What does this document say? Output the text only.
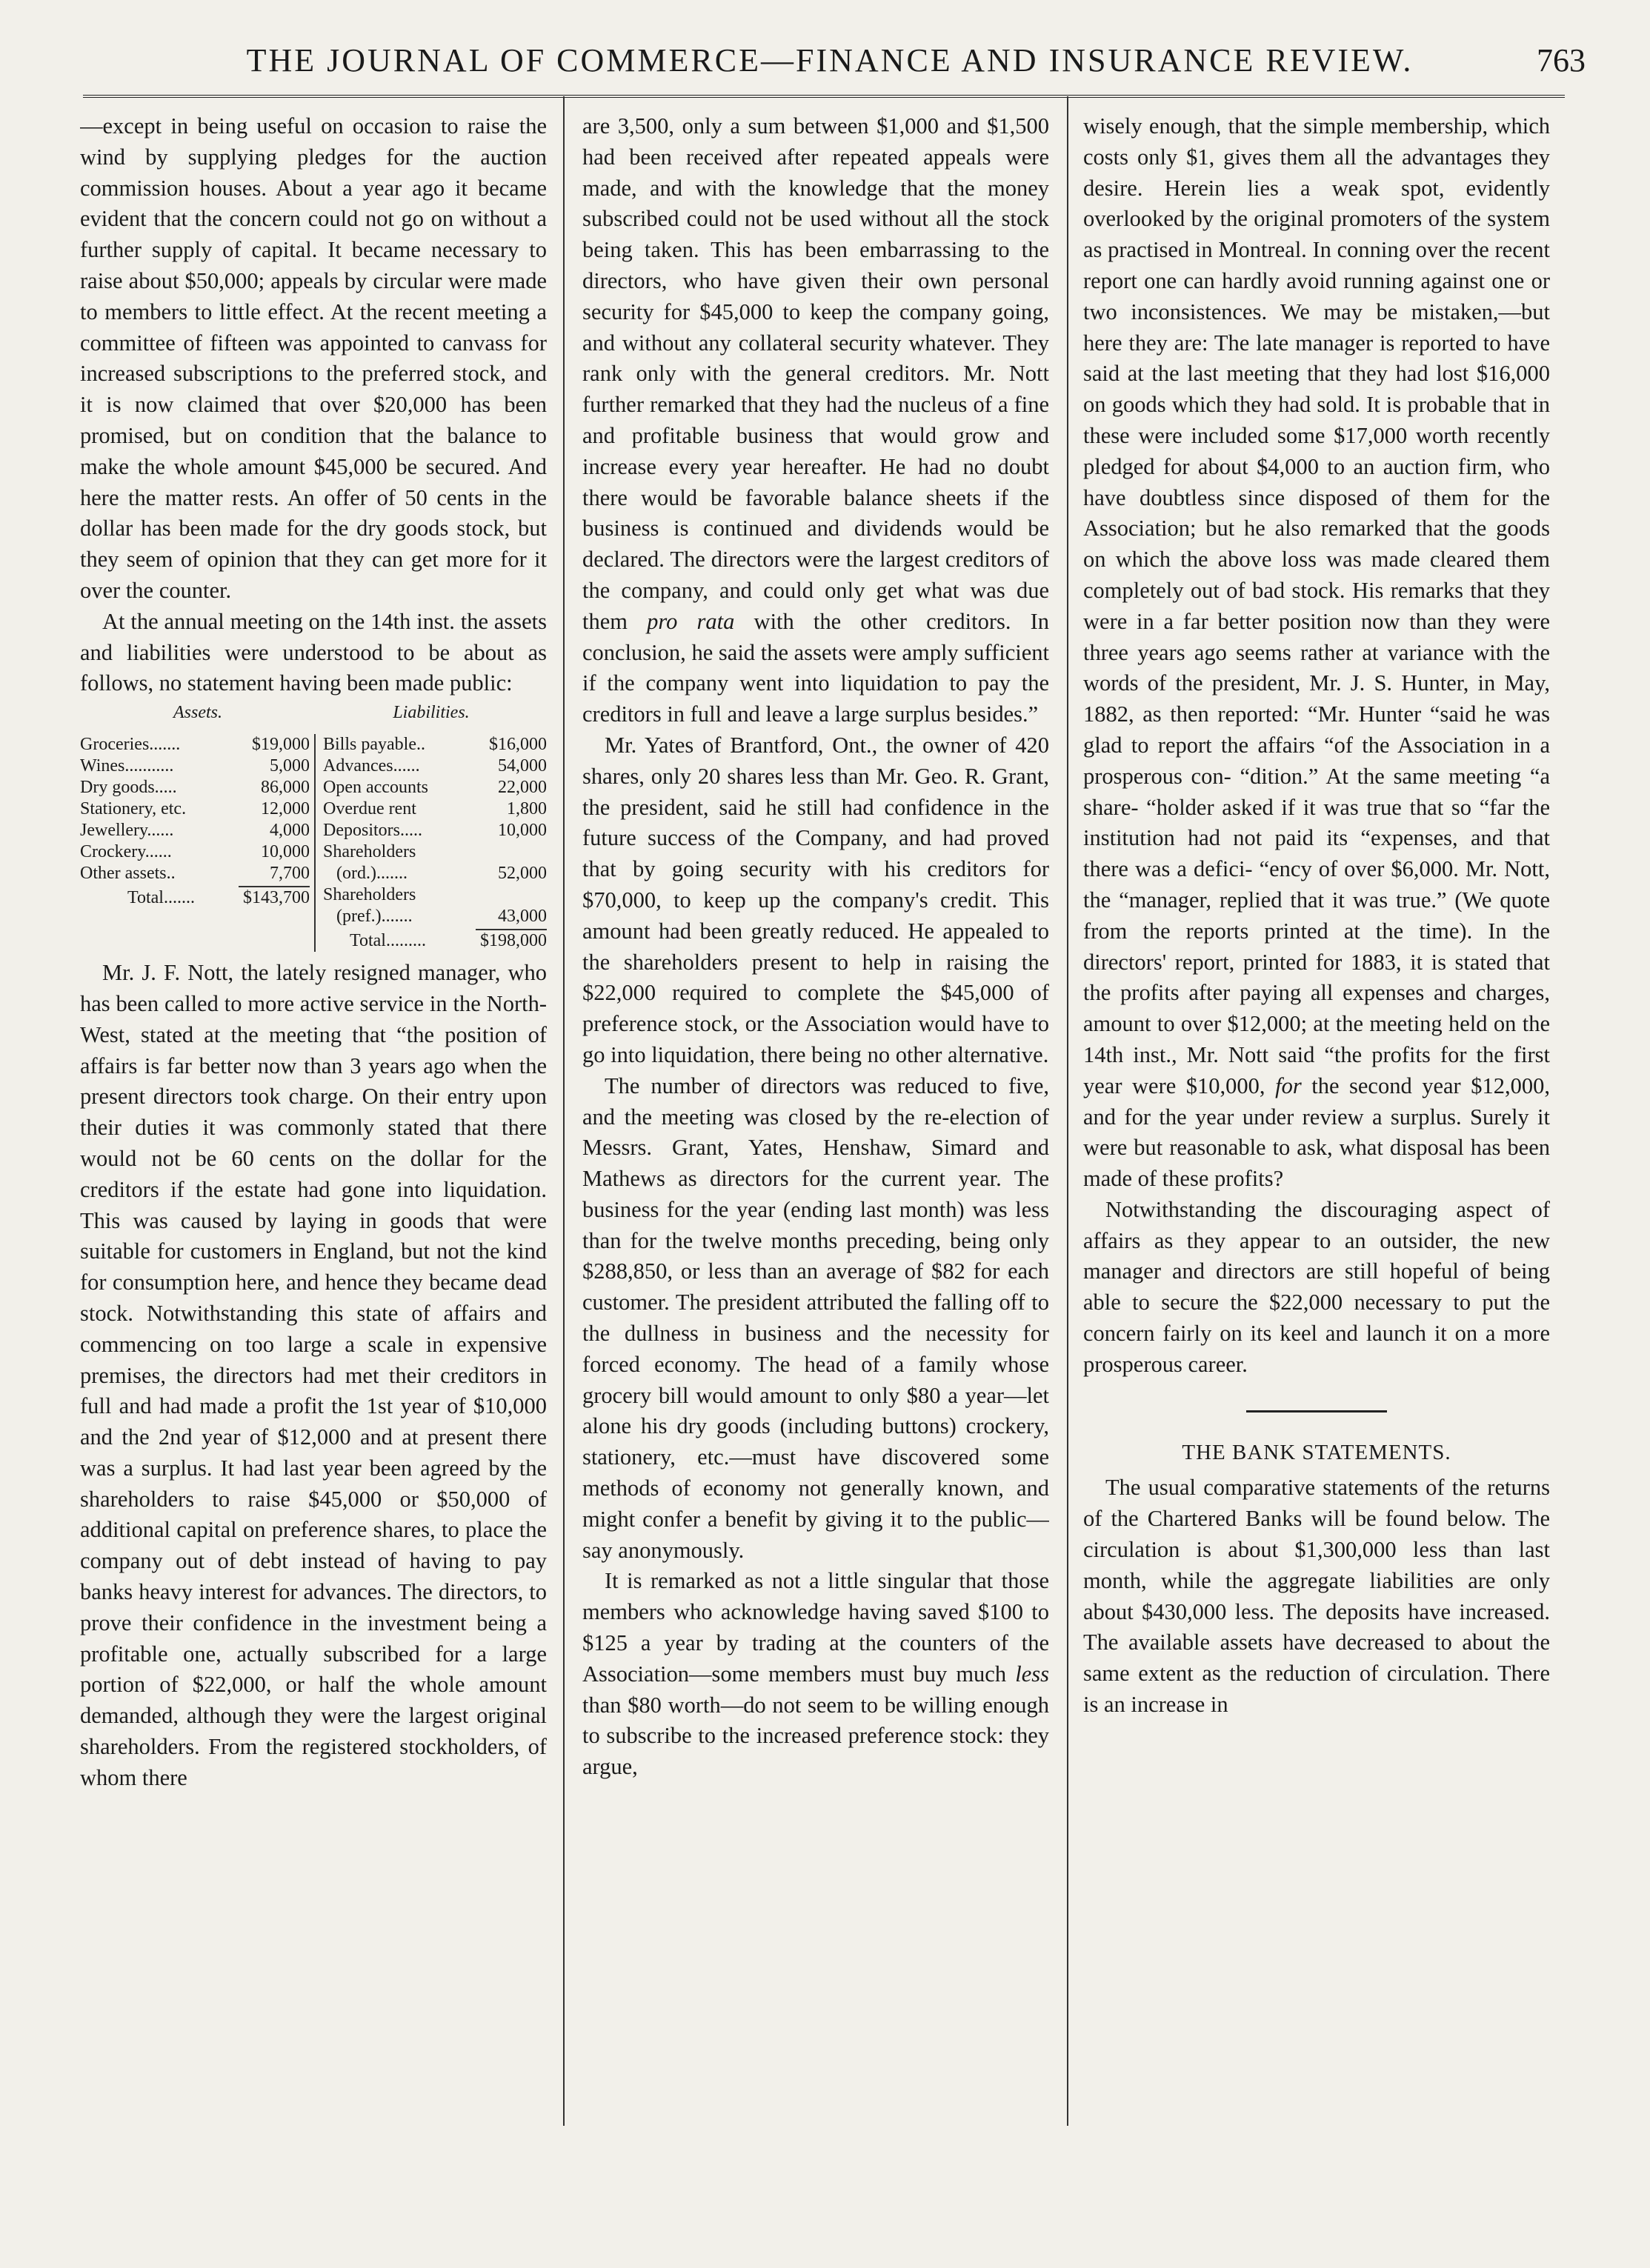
THE JOURNAL OF COMMERCE—FINANCE AND INSURANCE REVIEW.	763

—except in being useful on occasion to raise the wind by supplying pledges for the auction commission houses. About a year ago it became evident that the concern could not go on without a further supply of capital. It became necessary to raise about $50,000; appeals by circular were made to members to little effect. At the recent meeting a committee of fifteen was appointed to canvass for increased subscriptions to the preferred stock, and it is now claimed that over $20,000 has been promised, but on condition that the balance to make the whole amount $45,000 be secured. And here the matter rests. An offer of 50 cents in the dollar has been made for the dry goods stock, but they seem of opinion that they can get more for it over the counter.

At the annual meeting on the 14th inst. the assets and liabilities were understood to be about as follows, no statement having been made public:

Assets.	Liabilities.
Groceries.......	$19,000
Wines...........	5,000
Dry goods.....	86,000
Stationery, etc.	12,000
Jewellery......	4,000
Crockery......	10,000
Other assets..	7,700
Total.......	$143,700
Bills payable..	$16,000
Advances......	54,000
Open accounts	22,000
Overdue rent	1,800
Depositors.....	10,000
Shareholders
(ord.).......	52,000
Shareholders
(pref.).......	43,000
Total.........	$198,000

Mr. J. F. Nott, the lately resigned manager, who has been called to more active service in the North-West, stated at the meeting that “the position of affairs is far better now than 3 years ago when the present directors took charge. On their entry upon their duties it was commonly stated that there would not be 60 cents on the dollar for the creditors if the estate had gone into liquidation. This was caused by laying in goods that were suitable for customers in England, but not the kind for consumption here, and hence they became dead stock. Notwithstanding this state of affairs and commencing on too large a scale in expensive premises, the directors had met their creditors in full and had made a profit the 1st year of $10,000 and the 2nd year of $12,000 and at present there was a surplus. It had last year been agreed by the shareholders to raise $45,000 or $50,000 of additional capital on preference shares, to place the company out of debt instead of having to pay banks heavy interest for advances. The directors, to prove their confidence in the investment being a profitable one, actually subscribed for a large portion of $22,000, or half the whole amount demanded, although they were the largest original shareholders. From the registered stockholders, of whom there

are 3,500, only a sum between $1,000 and $1,500 had been received after repeated appeals were made, and with the knowledge that the money subscribed could not be used without all the stock being taken. This has been embarrassing to the directors, who have given their own personal security for $45,000 to keep the company going, and without any collateral security whatever. They rank only with the general creditors. Mr. Nott further remarked that they had the nucleus of a fine and profitable business that would grow and increase every year hereafter. He had no doubt there would be favorable balance sheets if the business is continued and dividends would be declared. The directors were the largest creditors of the company, and could only get what was due them pro rata with the other creditors. In conclusion, he said the assets were amply sufficient if the company went into liquidation to pay the creditors in full and leave a large surplus besides.”

Mr. Yates of Brantford, Ont., the owner of 420 shares, only 20 shares less than Mr. Geo. R. Grant, the president, said he still had confidence in the future success of the Company, and had proved that by going security with his creditors for $70,000, to keep up the company's credit. This amount had been greatly reduced. He appealed to the shareholders present to help in raising the $22,000 required to complete the $45,000 of preference stock, or the Association would have to go into liquidation, there being no other alternative.

The number of directors was reduced to five, and the meeting was closed by the re-election of Messrs. Grant, Yates, Henshaw, Simard and Mathews as directors for the current year. The business for the year (ending last month) was less than for the twelve months preceding, being only $288,850, or less than an average of $82 for each customer. The president attributed the falling off to the dullness in business and the necessity for forced economy. The head of a family whose grocery bill would amount to only $80 a year—let alone his dry goods (including buttons) crockery, stationery, etc.—must have discovered some methods of economy not generally known, and might confer a benefit by giving it to the public—say anonymously.

It is remarked as not a little singular that those members who acknowledge having saved $100 to $125 a year by trading at the counters of the Association—some members must buy much less than $80 worth—do not seem to be willing enough to subscribe to the increased preference stock: they argue,

wisely enough, that the simple membership, which costs only $1, gives them all the advantages they desire. Herein lies a weak spot, evidently overlooked by the original promoters of the system as practised in Montreal. In conning over the recent report one can hardly avoid running against one or two inconsistences. We may be mistaken,—but here they are: The late manager is reported to have said at the last meeting that they had lost $16,000 on goods which they had sold. It is probable that in these were included some $17,000 worth recently pledged for about $4,000 to an auction firm, who have doubtless since disposed of them for the Association; but he also remarked that the goods on which the above loss was made cleared them completely out of bad stock. His remarks that they were in a far better position now than they were three years ago seems rather at variance with the words of the president, Mr. J. S. Hunter, in May, 1882, as then reported: “Mr. Hunter “said he was glad to report the affairs “of the Association in a prosperous con- “dition.” At the same meeting “a share- “holder asked if it was true that so “far the institution had not paid its “expenses, and that there was a defici- “ency of over $6,000. Mr. Nott, the “manager, replied that it was true.” (We quote from the reports printed at the time). In the directors' report, printed for 1883, it is stated that the profits after paying all expenses and charges, amount to over $12,000; at the meeting held on the 14th inst., Mr. Nott said “the profits for the first year were $10,000, for the second year $12,000, and for the year under review a surplus. Surely it were but reasonable to ask, what disposal has been made of these profits?

Notwithstanding the discouraging aspect of affairs as they appear to an outsider, the new manager and directors are still hopeful of being able to secure the $22,000 necessary to put the concern fairly on its keel and launch it on a more prosperous career.

THE BANK STATEMENTS.

The usual comparative statements of the returns of the Chartered Banks will be found below. The circulation is about $1,300,000 less than last month, while the aggregate liabilities are only about $430,000 less. The deposits have increased. The available assets have decreased to about the same extent as the reduction of circulation. There is an increase in
